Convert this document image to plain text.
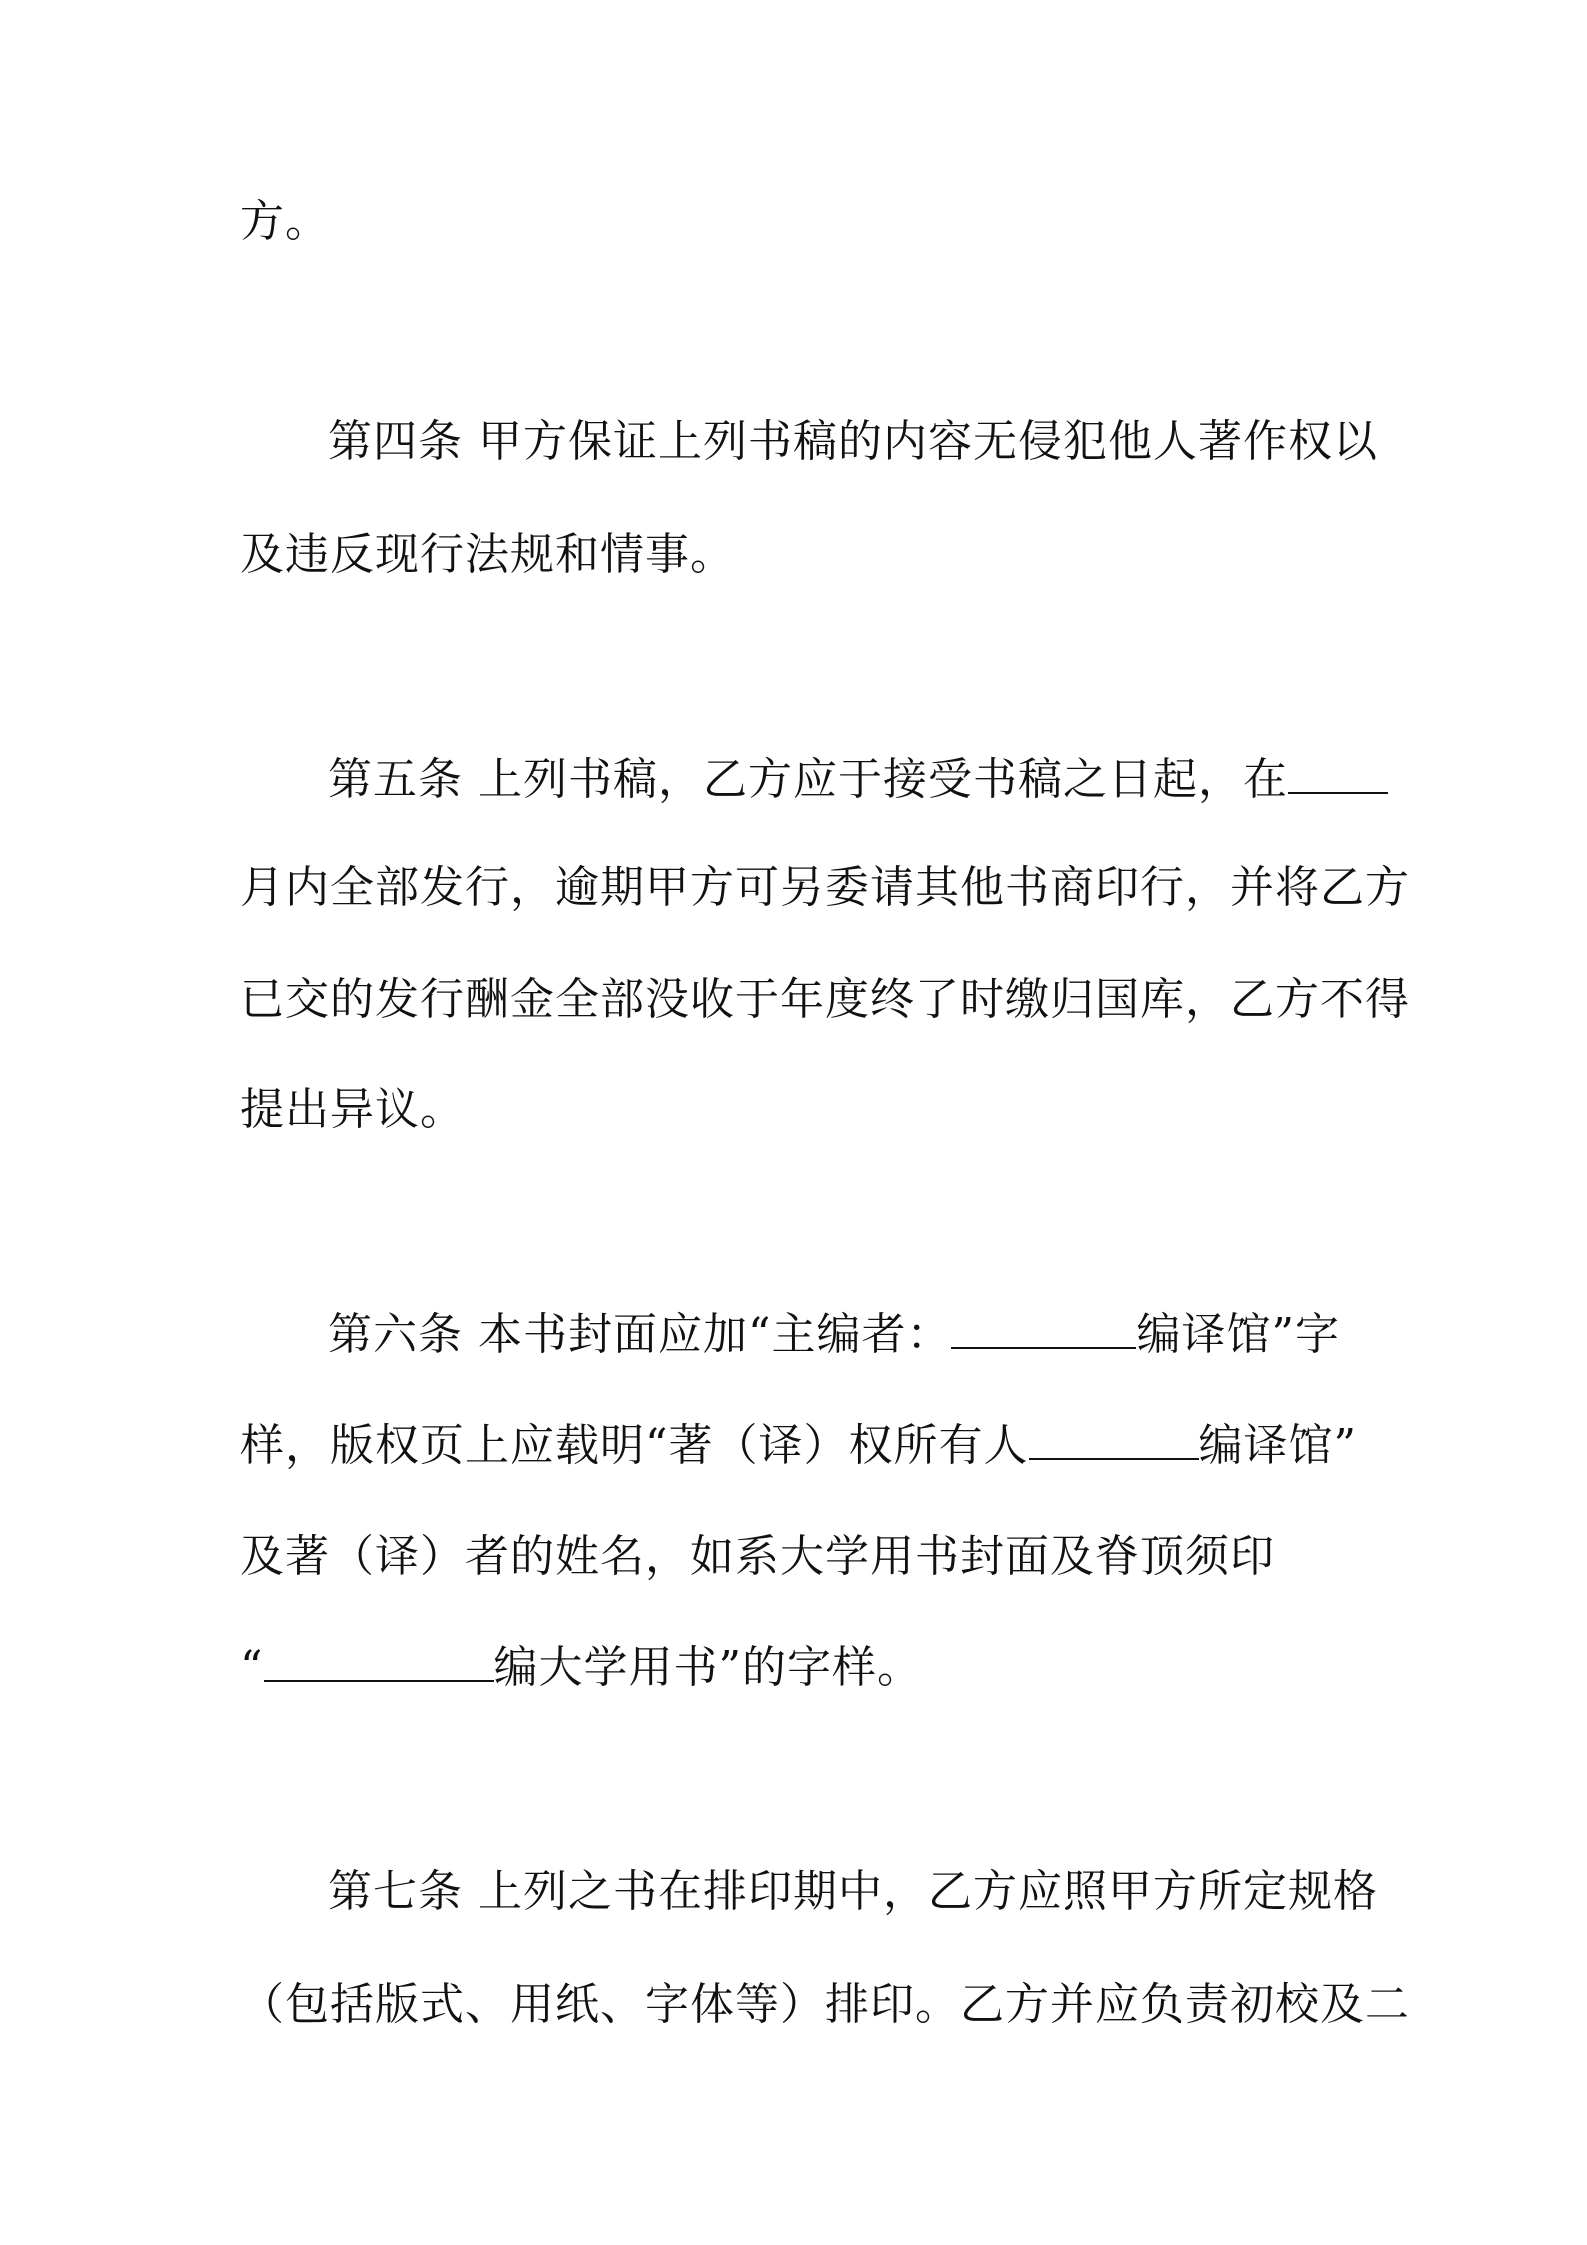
方。
第四条 甲方保证上列书稿的内容无侵犯他人著作权以
及违反现行法规和情事。
第五条 上列书稿，乙方应于接受书稿之日起，在
月内全部发行，逾期甲方可另委请其他书商印行，并将乙方
已交的发行酬金全部没收于年度终了时缴归国库，乙方不得
提出异议。
第六条 本书封面应加“主编者：	编译馆”字
样，版权页上应载明“著（译）权所有人	编译馆”
及著（译）者的姓名，如系大学用书封面及脊顶须印
“	编大学用书”的字样。
第七条 上列之书在排印期中，乙方应照甲方所定规格
（包括版式、用纸、字体等）排印。乙方并应负责初校及二
